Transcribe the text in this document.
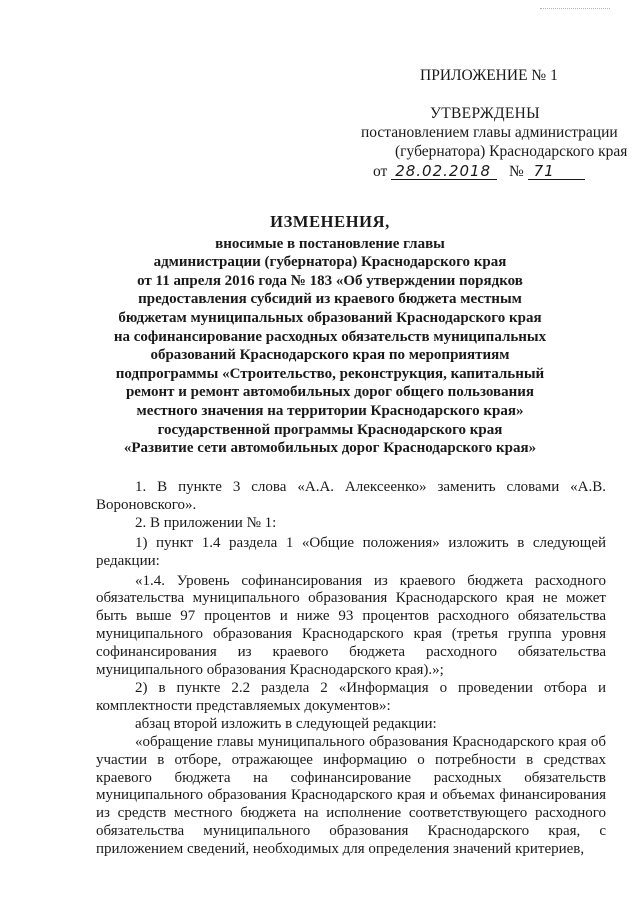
ПРИЛОЖЕНИЕ № 1
УТВЕРЖДЕНЫ
постановлением главы администрации
(губернатора) Краснодарского края
от 28.02.2018 № 71
ИЗМЕНЕНИЯ,
вносимые в постановление главы
администрации (губернатора) Краснодарского края
от 11 апреля 2016 года № 183 «Об утверждении порядков
предоставления субсидий из краевого бюджета местным
бюджетам муниципальных образований Краснодарского края
на софинансирование расходных обязательств муниципальных
образований Краснодарского края по мероприятиям
подпрограммы «Строительство, реконструкция, капитальный
ремонт и ремонт автомобильных дорог общего пользования
местного значения на территории Краснодарского края»
государственной программы Краснодарского края
«Развитие сети автомобильных дорог Краснодарского края»
1. В пункте 3 слова «А.А. Алексеенко» заменить словами «А.В. Вороновского».
2. В приложении № 1:
1) пункт 1.4 раздела 1 «Общие положения» изложить в следующей редакции:
«1.4. Уровень софинансирования из краевого бюджета расходного обязательства муниципального образования Краснодарского края не может быть выше 97 процентов и ниже 93 процентов расходного обязательства муниципального образования Краснодарского края (третья группа уровня софинансирования из краевого бюджета расходного обязательства муниципального образования Краснодарского края).»;
2) в пункте 2.2 раздела 2 «Информация о проведении отбора и комплектности представляемых документов»:
абзац второй изложить в следующей редакции:
«обращение главы муниципального образования Краснодарского края об участии в отборе, отражающее информацию о потребности в средствах краевого бюджета на софинансирование расходных обязательств муниципального образования Краснодарского края и объемах финансирования из средств местного бюджета на исполнение соответствующего расходного обязательства муниципального образования Краснодарского края, с приложением сведений, необходимых для определения значений критериев,
